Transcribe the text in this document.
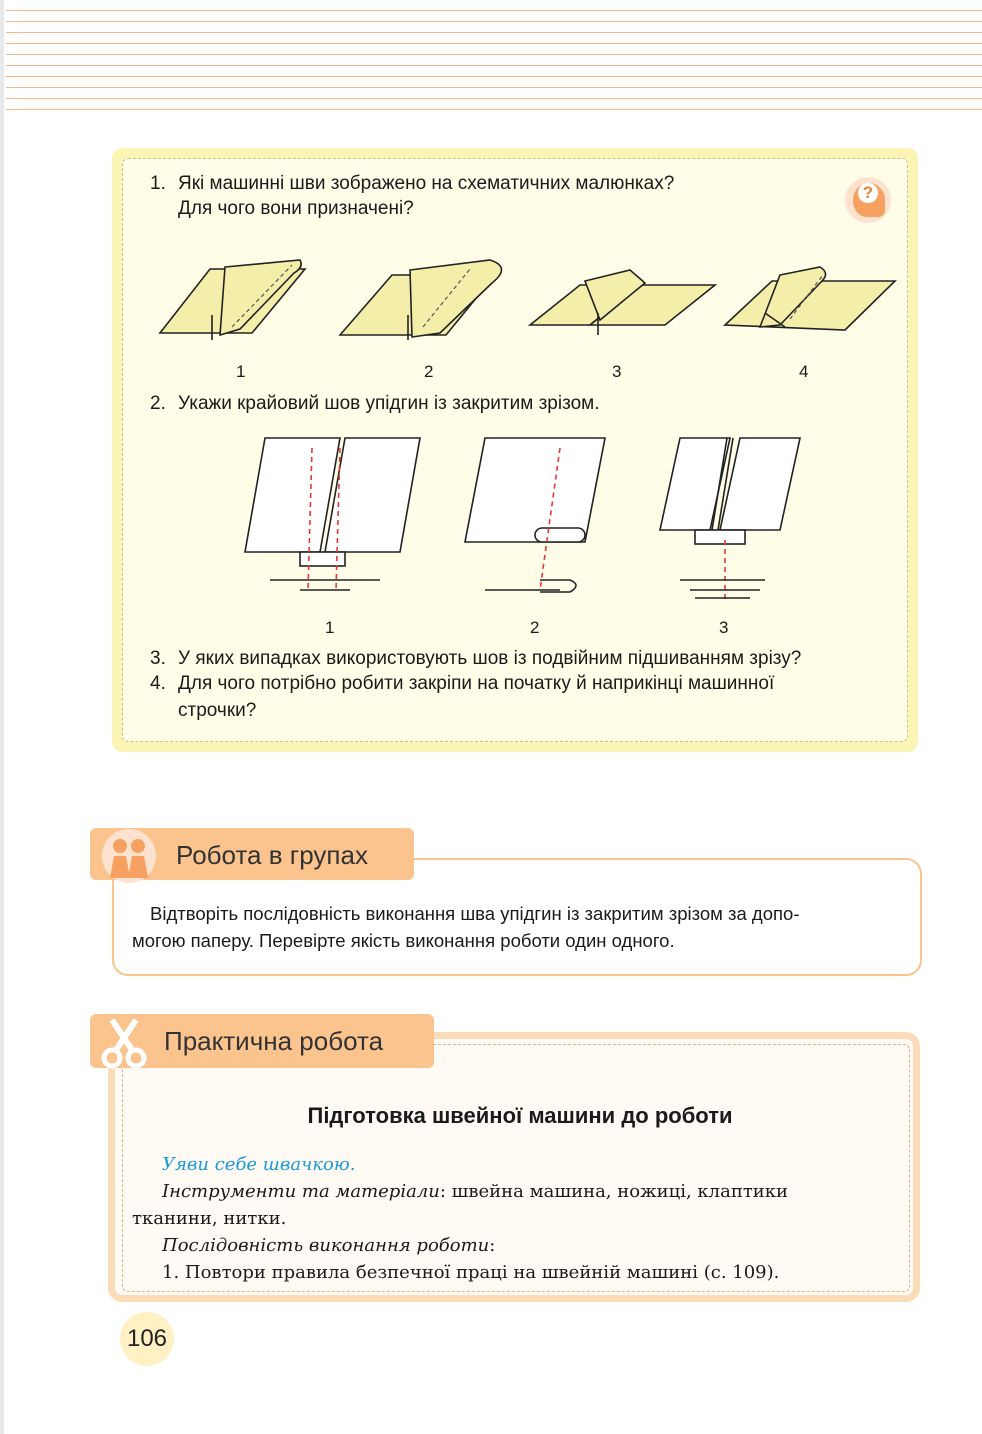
?
1. Які машинні шви зображено на схематичних малюнках?
Для чого вони призначені?
1	2	3	4
2. Укажи крайовий шов упідгин із закритим зрізом.
1	2	3
3. У яких випадках використовують шов із подвійним підшиванням зрізу?
4. Для чого потрібно робити закріпи на початку й наприкінці машинної
строчки?
Робота в групах
Відтворіть послідовність виконання шва упідгин із закритим зрізом за допо-
могою паперу. Перевірте якість виконання роботи один одного.
Практична робота
Підготовка швейної машини до роботи
Уяви себе швачкою.
Інструменти та матеріали: швейна машина, ножиці, клаптики
тканини, нитки.
Послідовність виконання роботи:
1. Повтори правила безпечної праці на швейній машині (с. 109).
106
